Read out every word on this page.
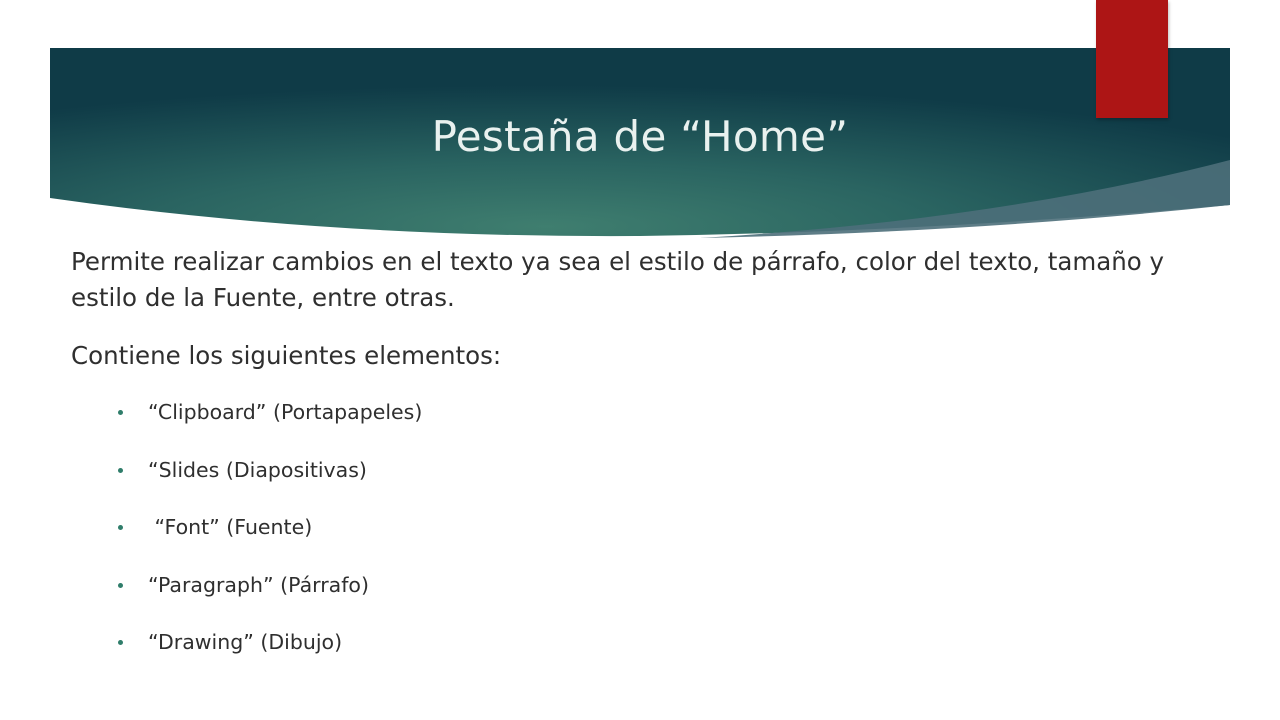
Pestaña de “Home”

Permite realizar cambios en el texto ya sea el estilo de párrafo, color del texto, tamaño y estilo de la Fuente, entre otras.

Contiene los siguientes elementos:

“Clipboard” (Portapapeles)
“Slides (Diapositivas)
“Font” (Fuente)
“Paragraph” (Párrafo)
“Drawing” (Dibujo)
